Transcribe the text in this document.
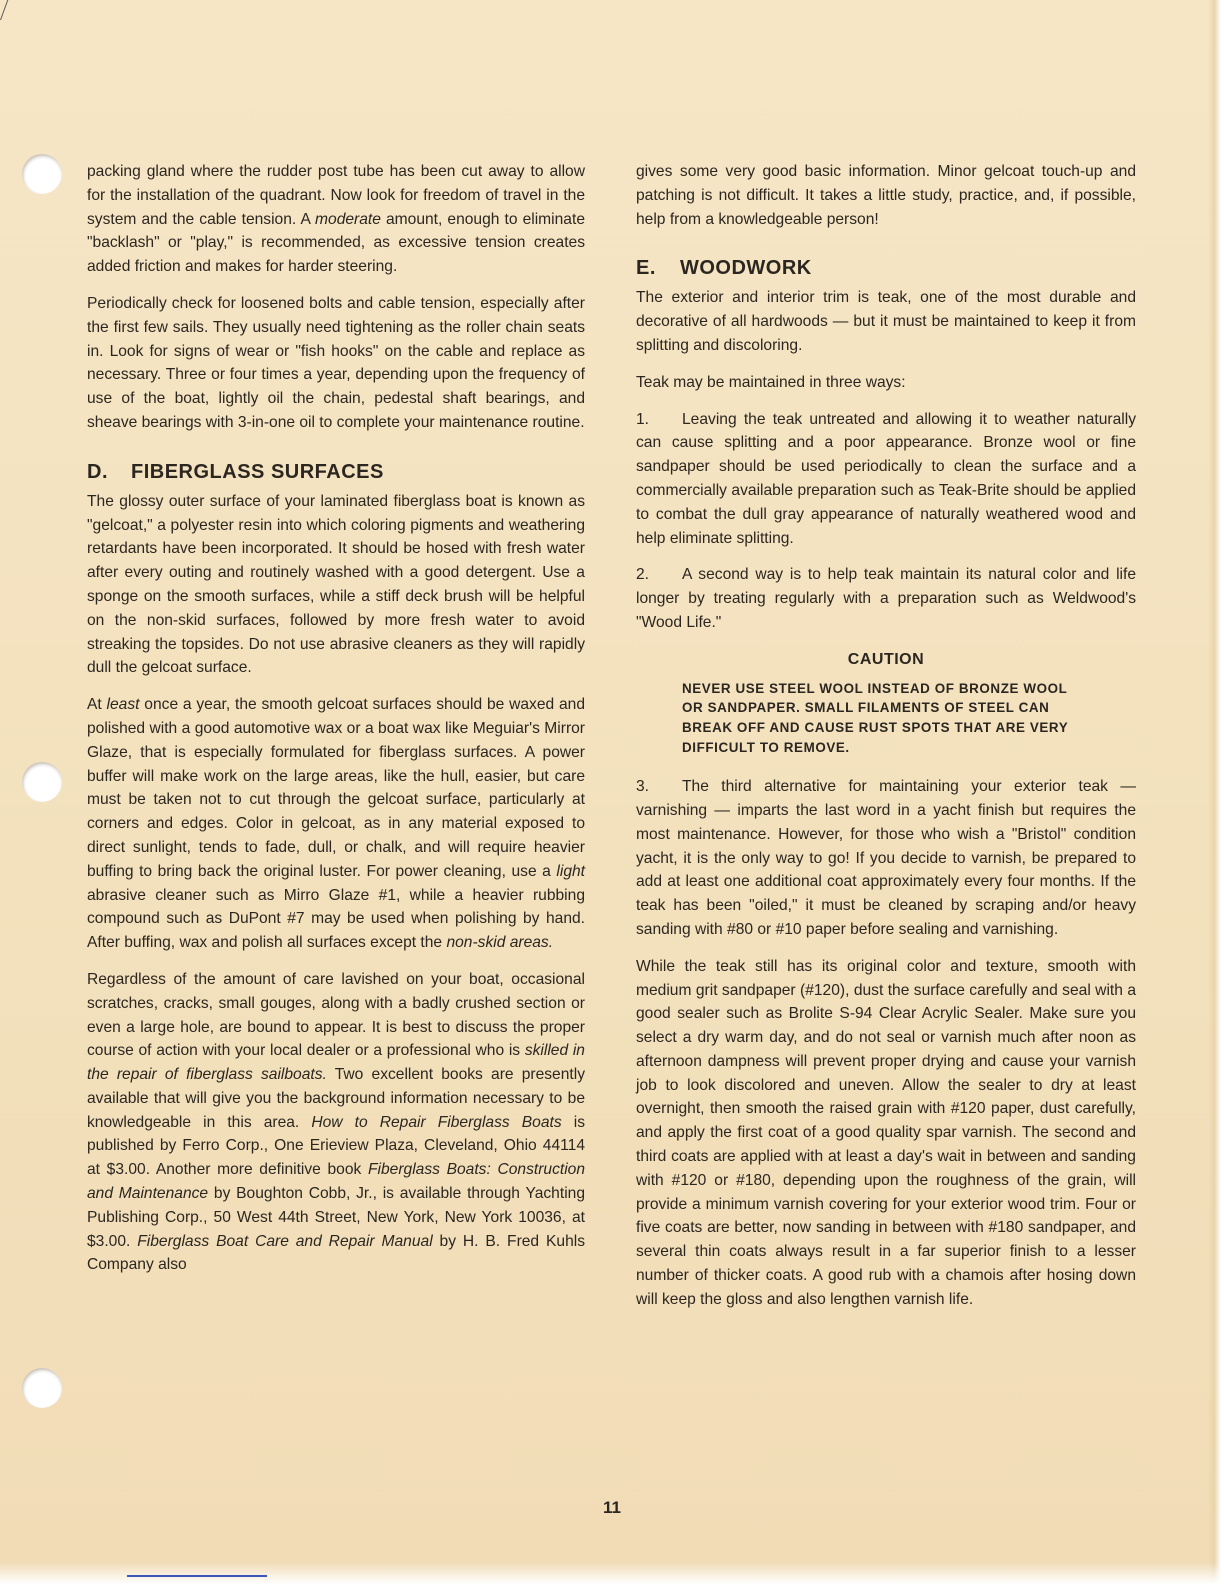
packing gland where the rudder post tube has been cut away to allow for the installation of the quadrant. Now look for freedom of travel in the system and the cable tension. A moderate amount, enough to eliminate "backlash" or "play," is recommended, as excessive tension creates added friction and makes for harder steering.

Periodically check for loosened bolts and cable tension, especially after the first few sails. They usually need tightening as the roller chain seats in. Look for signs of wear or "fish hooks" on the cable and replace as necessary. Three or four times a year, depending upon the frequency of use of the boat, lightly oil the chain, pedestal shaft bearings, and sheave bearings with 3-in-one oil to complete your maintenance routine.

D. FIBERGLASS SURFACES

The glossy outer surface of your laminated fiberglass boat is known as "gelcoat," a polyester resin into which coloring pigments and weathering retardants have been incorporated. It should be hosed with fresh water after every outing and routinely washed with a good detergent. Use a sponge on the smooth surfaces, while a stiff deck brush will be helpful on the non-skid surfaces, followed by more fresh water to avoid streaking the topsides. Do not use abrasive cleaners as they will rapidly dull the gelcoat surface.

At least once a year, the smooth gelcoat surfaces should be waxed and polished with a good automotive wax or a boat wax like Meguiar's Mirror Glaze, that is especially formulated for fiberglass surfaces. A power buffer will make work on the large areas, like the hull, easier, but care must be taken not to cut through the gelcoat surface, particularly at corners and edges. Color in gelcoat, as in any material exposed to direct sunlight, tends to fade, dull, or chalk, and will require heavier buffing to bring back the original luster. For power cleaning, use a light abrasive cleaner such as Mirro Glaze #1, while a heavier rubbing compound such as DuPont #7 may be used when polishing by hand. After buffing, wax and polish all surfaces except the non-skid areas.

Regardless of the amount of care lavished on your boat, occasional scratches, cracks, small gouges, along with a badly crushed section or even a large hole, are bound to appear. It is best to discuss the proper course of action with your local dealer or a professional who is skilled in the repair of fiberglass sailboats. Two excellent books are presently available that will give you the background information necessary to be knowledgeable in this area. How to Repair Fiberglass Boats is published by Ferro Corp., One Erieview Plaza, Cleveland, Ohio 44114 at $3.00. Another more definitive book Fiberglass Boats: Construction and Maintenance by Boughton Cobb, Jr., is available through Yachting Publishing Corp., 50 West 44th Street, New York, New York 10036, at $3.00. Fiberglass Boat Care and Repair Manual by H. B. Fred Kuhls Company also

gives some very good basic information. Minor gelcoat touch-up and patching is not difficult. It takes a little study, practice, and, if possible, help from a knowledgeable person!

E. WOODWORK

The exterior and interior trim is teak, one of the most durable and decorative of all hardwoods — but it must be maintained to keep it from splitting and discoloring.

Teak may be maintained in three ways:

1. Leaving the teak untreated and allowing it to weather naturally can cause splitting and a poor appearance. Bronze wool or fine sandpaper should be used periodically to clean the surface and a commercially available preparation such as Teak-Brite should be applied to combat the dull gray appearance of naturally weathered wood and help eliminate splitting.

2. A second way is to help teak maintain its natural color and life longer by treating regularly with a preparation such as Weldwood's "Wood Life."

CAUTION
NEVER USE STEEL WOOL INSTEAD OF BRONZE WOOL OR SANDPAPER. SMALL FILAMENTS OF STEEL CAN BREAK OFF AND CAUSE RUST SPOTS THAT ARE VERY DIFFICULT TO REMOVE.

3. The third alternative for maintaining your exterior teak — varnishing — imparts the last word in a yacht finish but requires the most maintenance. However, for those who wish a "Bristol" condition yacht, it is the only way to go! If you decide to varnish, be prepared to add at least one additional coat approximately every four months. If the teak has been "oiled," it must be cleaned by scraping and/or heavy sanding with #80 or #10 paper before sealing and varnishing.

While the teak still has its original color and texture, smooth with medium grit sandpaper (#120), dust the surface carefully and seal with a good sealer such as Brolite S-94 Clear Acrylic Sealer. Make sure you select a dry warm day, and do not seal or varnish much after noon as afternoon dampness will prevent proper drying and cause your varnish job to look discolored and uneven. Allow the sealer to dry at least overnight, then smooth the raised grain with #120 paper, dust carefully, and apply the first coat of a good quality spar varnish. The second and third coats are applied with at least a day's wait in between and sanding with #120 or #180, depending upon the roughness of the grain, will provide a minimum varnish covering for your exterior wood trim. Four or five coats are better, now sanding in between with #180 sandpaper, and several thin coats always result in a far superior finish to a lesser number of thicker coats. A good rub with a chamois after hosing down will keep the gloss and also lengthen varnish life.

11
